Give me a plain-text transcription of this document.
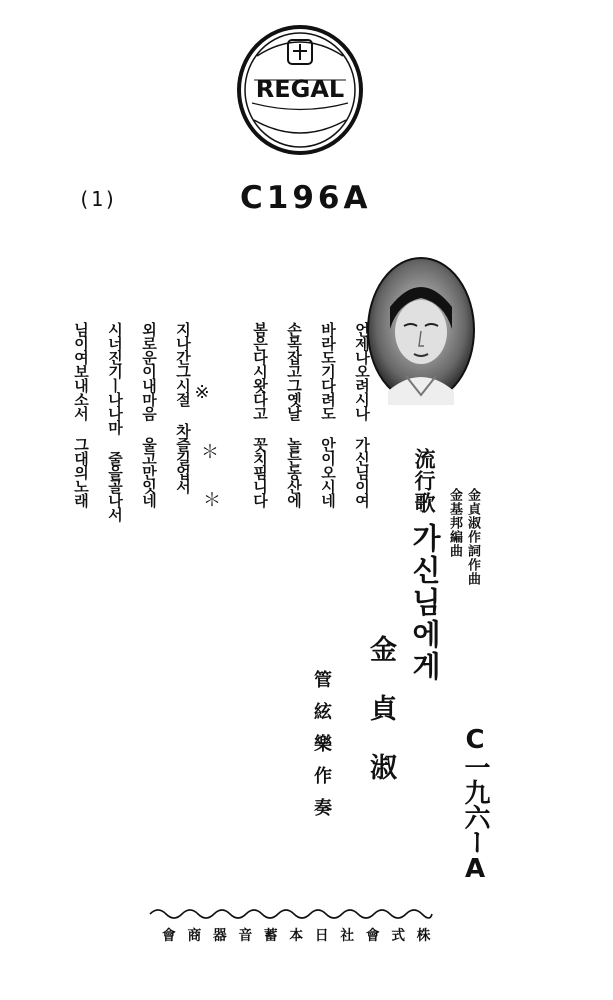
REGAL
(1)	C196A
언제나오려시나 가신님이여
바라도기다려도 안이오시네
손목잡고그옛날 놀든동산에
봄은다시왓다고 꼿치핌니다
※
＊
＊
지나간그시절 차즐길업서
외로운이내마음 울고만잇네
시너진기ㅣ나나마 줄을골나서
님이여보내소서 그대의노래	流行歌
가신님에게 金貞淑作詞作曲
金基邦編曲
金貞淑
管絃樂作奏	C一九六ーA
會商器音蓄本日社會式株
